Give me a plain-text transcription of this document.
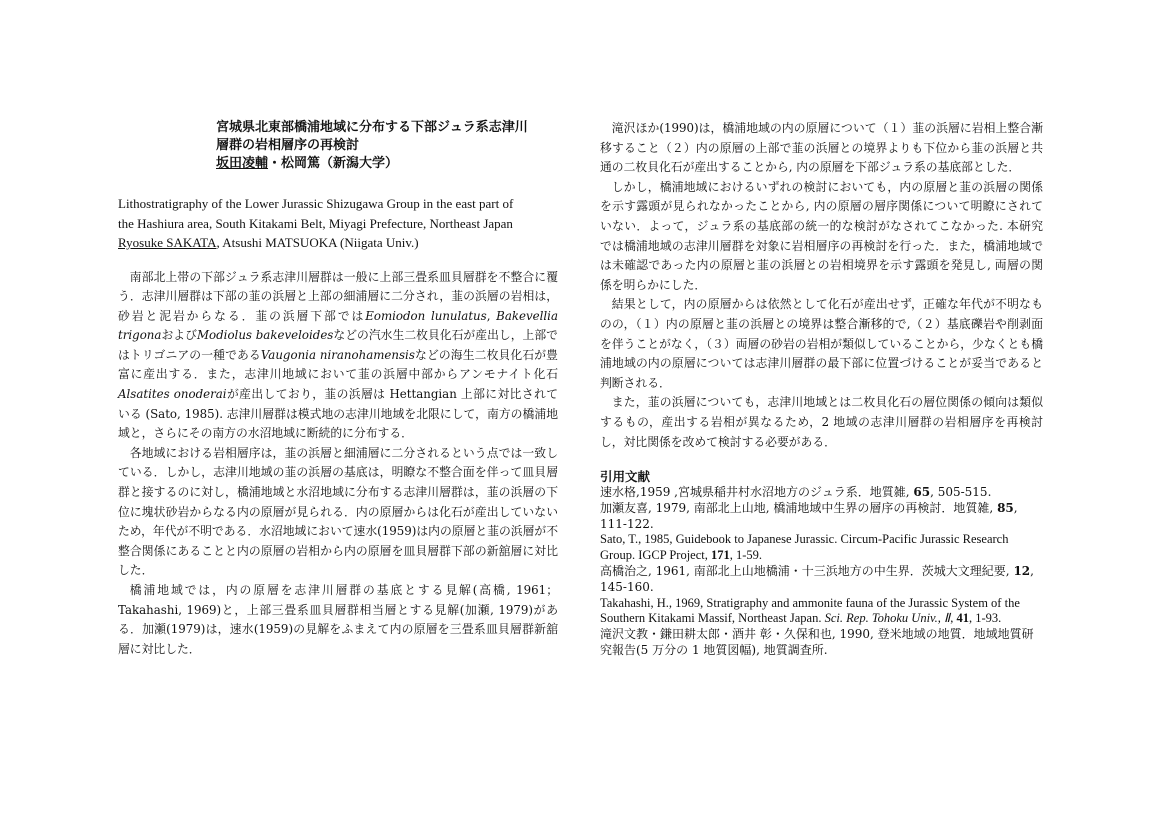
宮城県北東部橋浦地域に分布する下部ジュラ系志津川
層群の岩相層序の再検討
坂田凌輔・松岡篤（新潟大学）
Lithostratigraphy of the Lower Jurassic Shizugawa Group in the east part of
the Hashiura area, South Kitakami Belt, Miyagi Prefecture, Northeast Japan
Ryosuke SAKATA, Atsushi MATSUOKA (Niigata Univ.)

南部北上帯の下部ジュラ系志津川層群は一般に上部三畳系皿貝層群を不整合に覆う．志津川層群は下部の韮の浜層と上部の細浦層に二分され，韮の浜層の岩相は，砂岩と泥岩からなる．韮の浜層下部ではEomiodon lunulatus, Bakevellia trigonaおよびModiolus bakeveloidesなどの汽水生二枚貝化石が産出し，上部ではトリゴニアの一種であるVaugonia niranohamensisなどの海生二枚貝化石が豊富に産出する．また，志津川地域において韮の浜層中部からアンモナイト化石Alsatites onoderaiが産出しており，韮の浜層は Hettangian 上部に対比されている (Sato, 1985). 志津川層群は模式地の志津川地域を北限にして，南方の橋浦地域と，さらにその南方の水沼地域に断続的に分布する．

各地域における岩相層序は，韮の浜層と細浦層に二分されるという点では一致している．しかし，志津川地域の韮の浜層の基底は，明瞭な不整合面を伴って皿貝層群と接するのに対し，橋浦地域と水沼地域に分布する志津川層群は，韮の浜層の下位に塊状砂岩からなる内の原層が見られる．内の原層からは化石が産出していないため，年代が不明である．水沼地域において速水(1959)は内の原層と韮の浜層が不整合関係にあることと内の原層の岩相から内の原層を皿貝層群下部の新舘層に対比した．

橋浦地域では，内の原層を志津川層群の基底とする見解(高橋, 1961；Takahashi, 1969)と，上部三畳系皿貝層群相当層とする見解(加瀬, 1979)がある．加瀬(1979)は，速水(1959)の見解をふまえて内の原層を三畳系皿貝層群新舘層に対比した．

滝沢ほか(1990)は，橋浦地域の内の原層について（１）韮の浜層に岩相上整合漸移すること（２）内の原層の上部で韮の浜層との境界よりも下位から韮の浜層と共通の二枚貝化石が産出することから, 内の原層を下部ジュラ系の基底部とした．

しかし，橋浦地域におけるいずれの検討においても，内の原層と韮の浜層の関係を示す露頭が見られなかったことから, 内の原層の層序関係について明瞭にされていない．よって，ジュラ系の基底部の統一的な検討がなされてこなかった. 本研究では橋浦地域の志津川層群を対象に岩相層序の再検討を行った．また，橋浦地域では未確認であった内の原層と韮の浜層との岩相境界を示す露頭を発見し, 両層の関係を明らかにした．

結果として，内の原層からは依然として化石が産出せず，正確な年代が不明なものの，（１）内の原層と韮の浜層との境界は整合漸移的で,（２）基底礫岩や削剥面を伴うことがなく，（３）両層の砂岩の岩相が類似していることから，少なくとも橋浦地域の内の原層については志津川層群の最下部に位置づけることが妥当であると判断される．

また，韮の浜層についても，志津川地域とは二枚貝化石の層位関係の傾向は類似するもの，産出する岩相が異なるため，2 地域の志津川層群の岩相層序を再検討し，対比関係を改めて検討する必要がある．

引用文献
速水格,1959 ,宮城県稲井村水沼地方のジュラ系．地質雑, 65, 505-515.
加瀬友喜, 1979, 南部北上山地, 橋浦地域中生界の層序の再検討．地質雑, 85, 111-122.
Sato, T., 1985, Guidebook to Japanese Jurassic. Circum-Pacific Jurassic Research Group. IGCP Project, 171, 1-59.
高橋治之, 1961, 南部北上山地橋浦・十三浜地方の中生界．茨城大文理紀要, 12, 145-160.
Takahashi, H., 1969, Stratigraphy and ammonite fauna of the Jurassic System of the Southern Kitakami Massif, Northeast Japan. Sci. Rep. Tohoku Univ., Ⅱ, 41, 1-93.
滝沢文教・鎌田耕太郎・酒井 彰・久保和也, 1990, 登米地域の地質．地域地質研究報告(5 万分の 1 地質図幅), 地質調査所.
